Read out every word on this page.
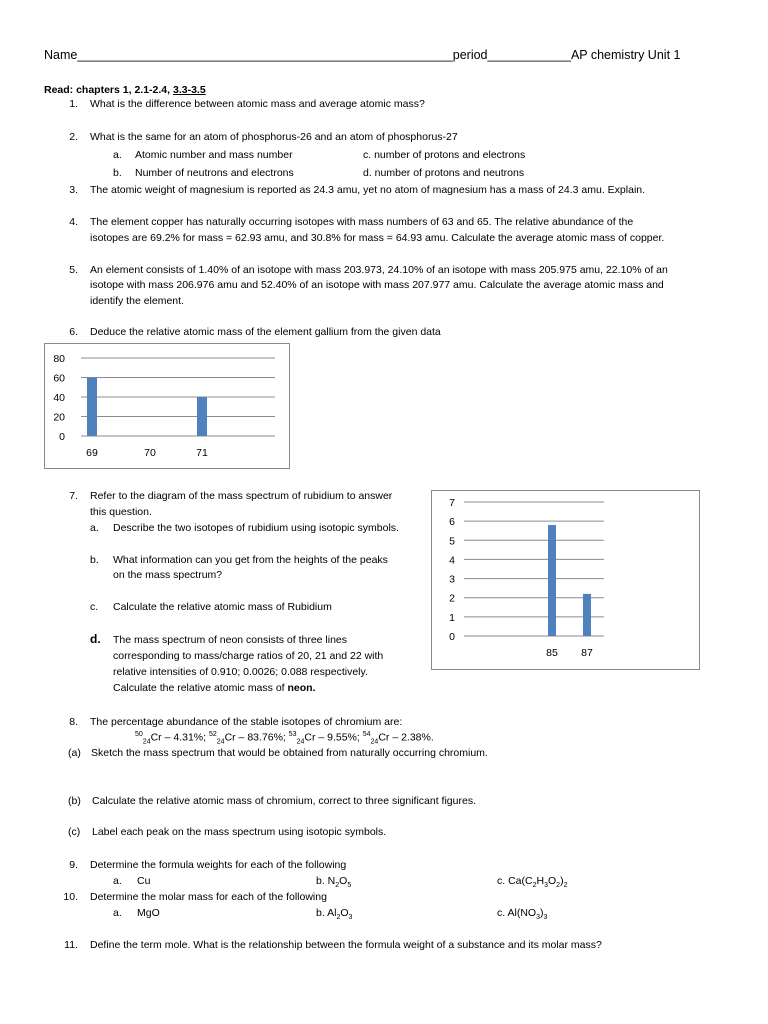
Name______________________________________________________period____________AP chemistry Unit 1
Read: chapters 1, 2.1-2.4, 3.3-3.5
1. What is the difference between atomic mass and average atomic mass?
2. What is the same for an atom of phosphorus-26 and an atom of phosphorus-27
a. Atomic number and mass number	c. number of protons and electrons
b. Number of neutrons and electrons	d. number of protons and neutrons
3. The atomic weight of magnesium is reported as 24.3 amu, yet no atom of magnesium has a mass of 24.3 amu. Explain.
4. The element copper has naturally occurring isotopes with mass numbers of 63 and 65. The relative abundance of the
isotopes are 69.2% for mass = 62.93 amu, and 30.8% for mass = 64.93 amu. Calculate the average atomic mass of copper.
5. An element consists of 1.40% of an isotope with mass 203.973, 24.10% of an isotope with mass 205.975 amu, 22.10% of an
isotope with mass 206.976 amu and 52.40% of an isotope with mass 207.977 amu. Calculate the average atomic mass and
identify the element.
6. Deduce the relative atomic mass of the element gallium from the given data
0
20
40
60
80
69	70	71
7. Refer to the diagram of the mass spectrum of rubidium to answer
this question.
a. Describe the two isotopes of rubidium using isotopic symbols.
b. What information can you get from the heights of the peaks
on the mass spectrum?
c. Calculate the relative atomic mass of Rubidium
d. The mass spectrum of neon consists of three lines
corresponding to mass/charge ratios of 20, 21 and 22 with
relative intensities of 0.910; 0.0026; 0.088 respectively.
Calculate the relative atomic mass of neon.
0
1
2
3
4
5
6
7
85 87
8. The percentage abundance of the stable isotopes of chromium are:
$^{50}_{24}$Cr – 4.31%; $^{52}_{24}$Cr – 83.76%; $^{53}_{24}$Cr – 9.55%; $^{54}_{24}$Cr – 2.38%.
(a) Sketch the mass spectrum that would be obtained from naturally occurring chromium.
(b) Calculate the relative atomic mass of chromium, correct to three significant figures.
(c) Label each peak on the mass spectrum using isotopic symbols.
9. Determine the formula weights for each of the following
a. Cu	b. $N_2O_5$	c. $Ca(C_2H_3O_2)_2$
10. Determine the molar mass for each of the following
a. MgO	b. $Al_2O_3$	c. $Al(NO_3)_3$
11. Define the term mole. What is the relationship between the formula weight of a substance and its molar mass?
